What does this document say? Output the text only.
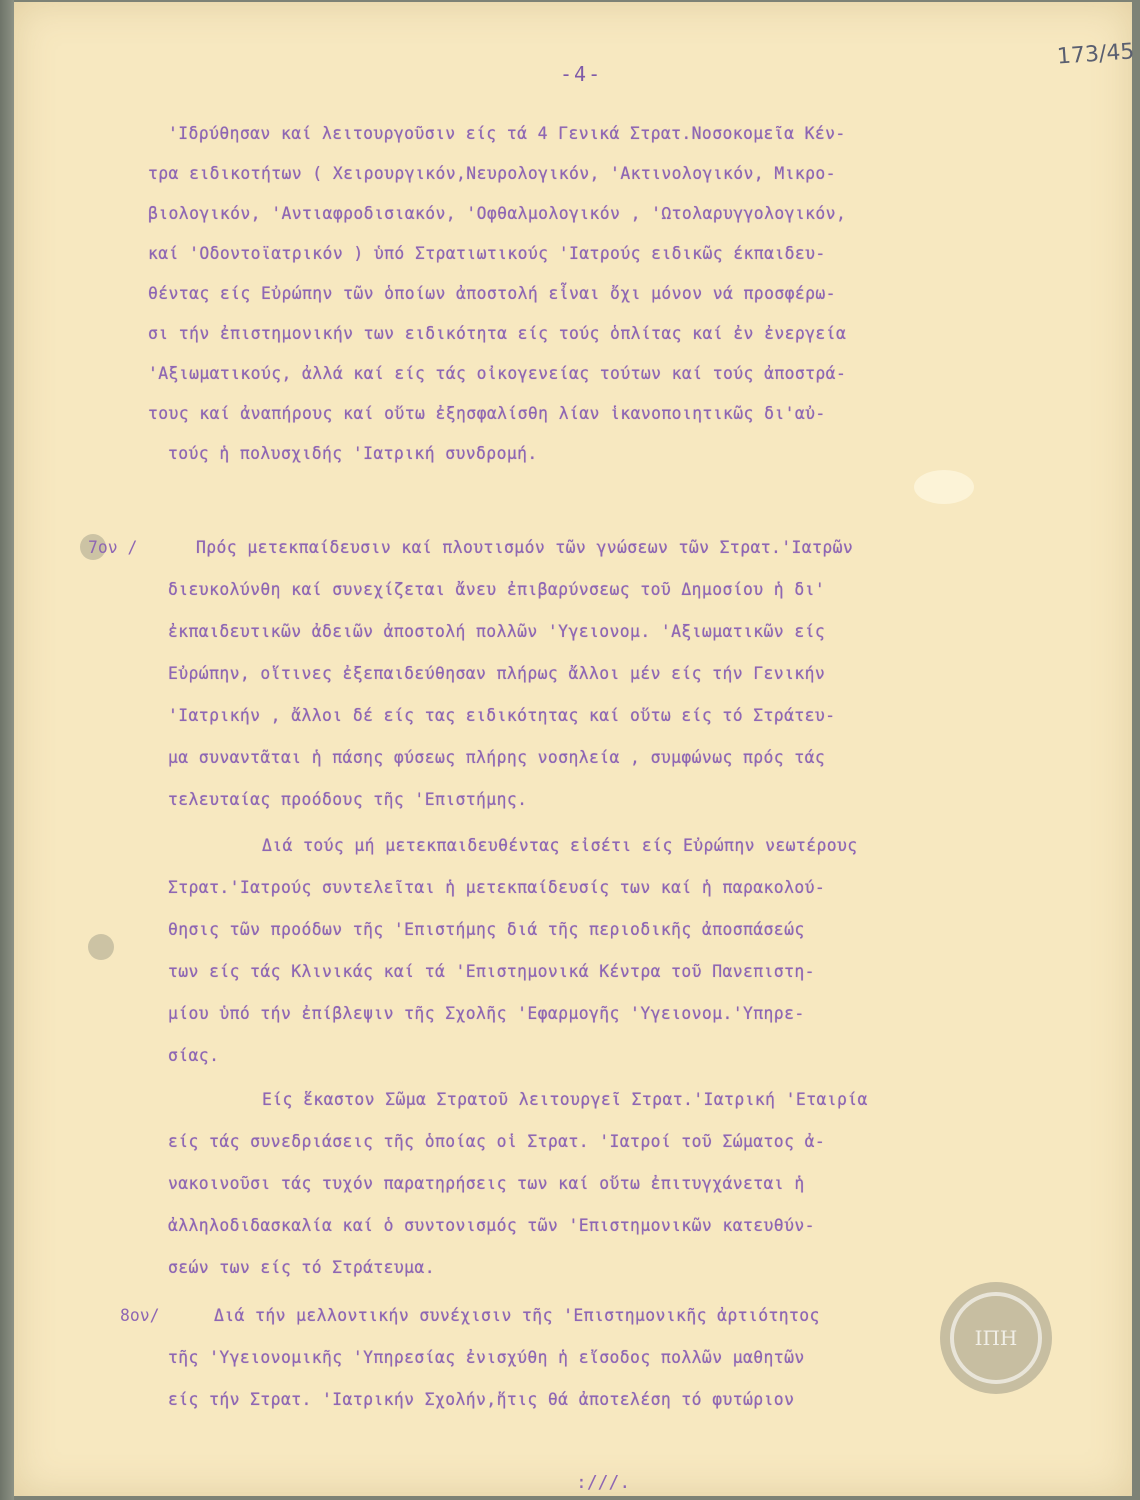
173/45
-4-
'Ιδρύθησαν καί λειτουργοῦσιν είς τά 4 Γενικά Στρατ.Νοσοκομεῖα Κέν-
τρα ειδικοτήτων ( Χειρουργικόν,Νευρολογικόν, 'Ακτινολογικόν, Μικρο-
βιολογικόν, 'Αντιαφροδισιακόν, 'Οφθαλμολογικόν , 'Ωτολαρυγγολογικόν,
καί 'Οδοντοϊατρικόν ) ὑπό Στρατιωτικούς 'Ιατρούς ειδικῶς έκπαιδευ-
θέντας είς Εὐρώπην τῶν ὁποίων ἀποστολή εἶναι ὄχι μόνον νά προσφέρω-
σι τήν ἐπιστημονικήν των ειδικότητα είς τούς ὁπλίτας καί ἐν ἐνεργεία
'Αξιωματικούς, ἀλλά καί είς τάς οἰκογενείας τούτων καί τούς ἀποστρά-
τους καί ἀναπήρους καί οὕτω ἐξησφαλίσθη λίαν ἱκανοποιητικῶς δι'αὐ-
τούς ἡ πολυσχιδής 'Ιατρική συνδρομή.
7ον /	Πρός μετεκπαίδευσιν καί πλουτισμόν τῶν γνώσεων τῶν Στρατ.'Ιατρῶν
διευκολύνθη καί συνεχίζεται ἄνευ ἐπιβαρύνσεως τοῦ Δημοσίου ἡ δι'
ἐκπαιδευτικῶν ἀδειῶν ἀποστολή πολλῶν 'Υγειονομ. 'Αξιωματικῶν είς
Εὐρώπην, οἵτινες ἐξεπαιδεύθησαν πλήρως ἄλλοι μέν είς τήν Γενικήν
'Ιατρικήν , ἄλλοι δέ είς τας ειδικότητας καί οὕτω είς τό Στράτευ-
μα συναντᾶται ἡ πάσης φύσεως πλήρης νοσηλεία , συμφώνως πρός τάς
τελευταίας προόδους τῆς 'Επιστήμης.
Διά τούς μή μετεκπαιδευθέντας εἰσέτι είς Εὐρώπην νεωτέρους
Στρατ.'Ιατρούς συντελεῖται ἡ μετεκπαίδευσίς των καί ἡ παρακολού-
θησις τῶν προόδων τῆς 'Επιστήμης διά τῆς περιοδικῆς ἀποσπάσεώς
των είς τάς Κλινικάς καί τά 'Επιστημονικά Κέντρα τοῦ Πανεπιστη-
μίου ὑπό τήν ἐπίβλεψιν τῆς Σχολῆς 'Εφαρμογῆς 'Υγειονομ.'Υπηρε-
σίας.
Είς ἕκαστον Σῶμα Στρατοῦ λειτουργεῖ Στρατ.'Ιατρική 'Εταιρία
είς τάς συνεδριάσεις τῆς ὁποίας οἱ Στρατ. 'Ιατροί τοῦ Σώματος ἀ-
νακοινοῦσι τάς τυχόν παρατηρήσεις των καί οὕτω ἐπιτυγχάνεται ἡ
ἀλληλοδιδασκαλία καί ὁ συντονισμός τῶν 'Επιστημονικῶν κατευθύν-
σεών των είς τό Στράτευμα.
8ον/	Διά τήν μελλοντικήν συνέχισιν τῆς 'Επιστημονικῆς ἀρτιότητος
τῆς 'Υγειονομικῆς 'Υπηρεσίας ἐνισχύθη ἡ εἴσοδος πολλῶν μαθητῶν
είς τήν Στρατ. 'Ιατρικήν Σχολήν,ἥτις θά ἀποτελέση τό φυτώριον
ΙΠΗ
:///.
